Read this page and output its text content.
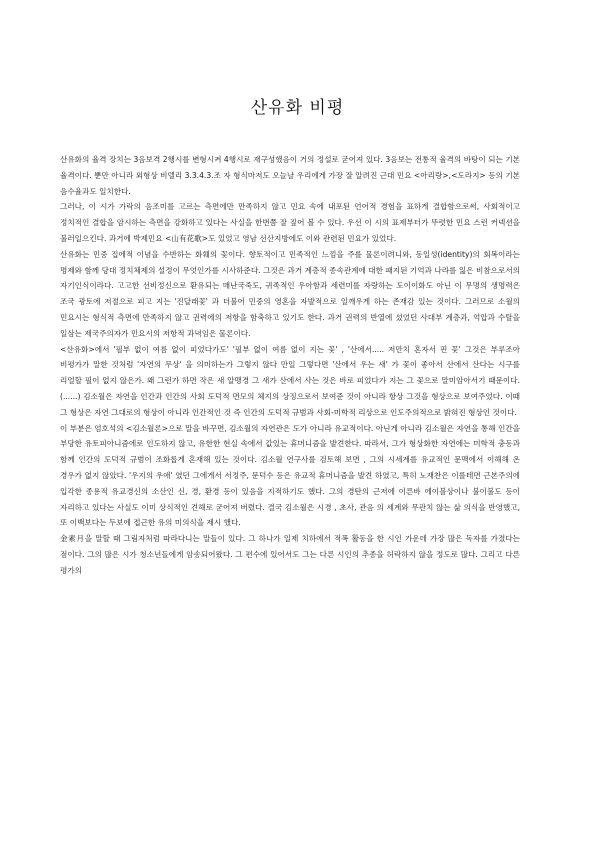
산유화 비평

산유화의 율격 장치는 3음보격 2행시를 변형시켜 4행시로 재구성했음이 거의 정설로 굳어져 있다. 3음보는 전통적 율격의 바탕이 되는 기본 율격이다. 뿐만 아니라 외형상 비델리 3.3.4.3.조 자 형식마저도 오늘날 우리에게 가장 잘 알려진 근대 민요 <아리랑>,<도라지> 등의 기본 음수율과도 일치한다.

그러나, 이 시가 가락의 음조미를 고르는 측면에만 만족하지 않고 민요 속에 내포된 언어적 경험을 표하게 결합함으로써, 사회적이고 정치적인 결합을 암시하는 측면을 강화하고 있다는 사실을 한번쯤 잘 짚어 볼 수 있다. 우선 이 시의 표제부터가 뚜렷한 민요 스런 커넥션을 불러일으킨다. 과거에 박제민요 <山有花歌>도 있었고 영남 선산지방에도 이와 관련된 민요가 있었다.

산유화는 민중 집에적 이념을 수반하는 화훼의 꽃이다. 향토적이고 민족적인 느낌을 주를 물론이려니와, 동일성(identity)의 회복이라는 명제와 함께 당대 정치체제의 설정이 무엇인가를 시사하준다. 그것은 과거 계층적 종속관계에 대한 패지된 기억과 나라를 잃은 비참으로서의 자기인식이라다. 고고한 선비정신으로 환유되는 매난국죽도, 귀족적인 우아함과 세련미를 자랑하는 도이이화도 아닌 이 무명의 생명력은 조국 광토에 저절으로 피고 지는 '진달래꽃' 과 더불어 민중의 영혼을 자발적으로 일깨우게 하는 존재감 있는 것이다. 그러므로 소월의 민요시는 형식적 측면에 만족하지 않고 권력에의 저항을 함축하고 있기도 한다. 과거 권력의 반열에 섰었던 사대부 계층과, 억압과 수탈을 일삼는 제국주의자가 민요시의 저항적 과녁임은 물론이다.

<산유화>에서 '필부 없이 여름 없이 피었다가도' '필부 없이 여름 없이 지는 꽃' , '산에서..... 저만치 혼자서 핀 꽃' 그것은 부루조아 비평가가 말한 것처럼 '자연의 무상' 을 의미하는가 그렇지 않다 만일 그렇다면 '산에서 우는 새' 가 꽃이 좋아서 산에서 산다는 시구를 리얼할 필이 없지 않은가. 왜 그런가 하면 작은 새 알맹경 그 새가 산에서 사는 것은 바로 피었다가 지는 그 꽃으로 말미암아서기 때문이다. (......) 김소월은 자연을 인간과 인간의 사회 도덕적 면모의 체지의 상징으로서 보여준 것이 아니라 항상 그것을 형상으로 보여주었다. 이때 그 형상은 자연 그대로의 형상이 아니라 인간적인 것 즉 인간의 도덕적 규범과 사회-미학적 리상으로 인도주의적으로 밝혀진 형상인 것이다.

이 부분은 엄호석의 <김소월론>으로 말을 바꾸면, 김소월의 자연관은 도가 아니라 유교적이다. 아닌게 아니라 김소월은 자연을 통해 인간을 부당한 유토피아니즘에로 인도하지 않고, 유한한 현실 속에서 값있는 휴머니즘을 발견한다. 따라서, 그가 형상화한 자연에는 미학적 충동과 함께 인간의 도덕적 규범이 조화롭게 혼재해 있는 것이다. 김소월 연구사를 검토해 보면 , 그의 시세계를 유교적인 문맥에서 이해해 온 경우가 없지 않았다. '우지의 우애' 였던 그에게서 서정주, 문덕수 등은 유교적 휴머니즘을 발견 하였고, 특히 노재찬은 이를테면 근본주의에 입각한 종용적 유교경신의 소산인 신, 경, 환경 등이 있음을 지적하기도 했다. 그의 경탄의 근저에 이른바 에이블상이나 불이불도 등이 자리하고 있다는 사실도 이미 상식적인 견해로 굳어져 버렸다. 결국 김소월은 시경 , 초사, 관음 의 세계와 무관치 않는 삶 의식을 반영했고, 또 이백보다는 두보에 접근한 유의 미의식을 제시 했다.

金素月을 말할 때 그림자처럼 따라다니는 말들이 있다. 그 하나가 일제 치하에서 적폭 활동을 한 시인 가운데 가장 많은 독자를 가졌다는 점이다. 그의 많은 시가 청소년들에게 암송되어왔다. 그 편수에 있어서도 그는 다른 시인의 추종을 허락하지 않을 정도로 많다. 그리고 다른 평가의
